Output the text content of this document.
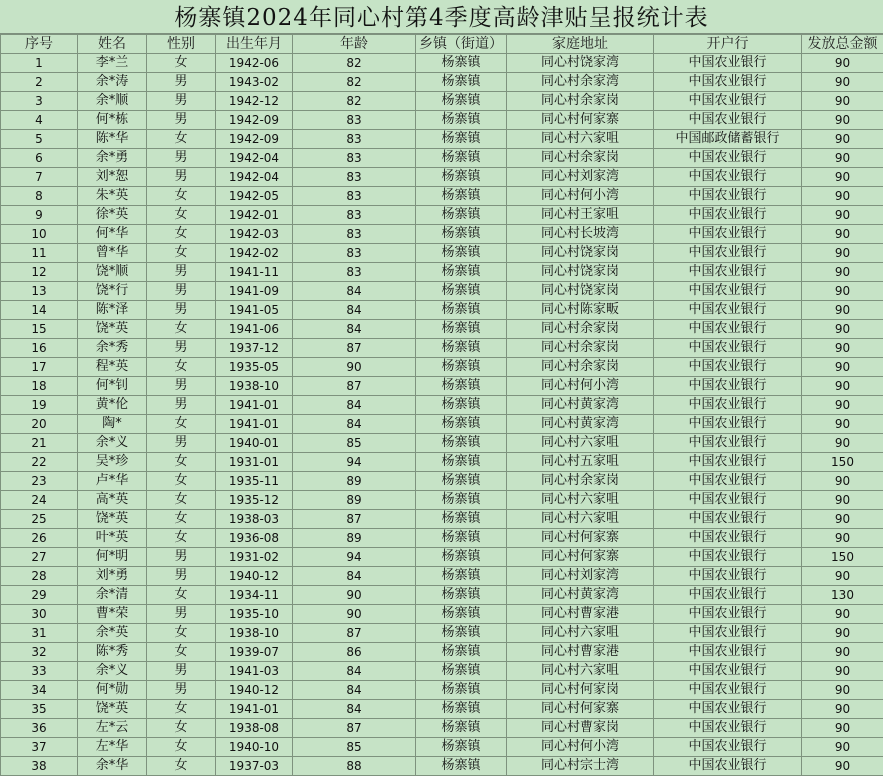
杨寨镇2024年同心村第4季度高龄津贴呈报统计表
序号	姓名	性别	出生年月	年龄	乡镇（街道）	家庭地址	开户行	发放总金额
1	李*兰	女	1942-06	82	杨寨镇	同心村饶家湾	中国农业银行	90
2	余*涛	男	1943-02	82	杨寨镇	同心村余家湾	中国农业银行	90
3	余*顺	男	1942-12	82	杨寨镇	同心村余家岗	中国农业银行	90
4	何*栋	男	1942-09	83	杨寨镇	同心村何家寨	中国农业银行	90
5	陈*华	女	1942-09	83	杨寨镇	同心村六家咀	中国邮政储蓄银行	90
6	余*勇	男	1942-04	83	杨寨镇	同心村余家岗	中国农业银行	90
7	刘*恕	男	1942-04	83	杨寨镇	同心村刘家湾	中国农业银行	90
8	朱*英	女	1942-05	83	杨寨镇	同心村何小湾	中国农业银行	90
9	徐*英	女	1942-01	83	杨寨镇	同心村王家咀	中国农业银行	90
10	何*华	女	1942-03	83	杨寨镇	同心村长坡湾	中国农业银行	90
11	曾*华	女	1942-02	83	杨寨镇	同心村饶家岗	中国农业银行	90
12	饶*顺	男	1941-11	83	杨寨镇	同心村饶家岗	中国农业银行	90
13	饶*行	男	1941-09	84	杨寨镇	同心村饶家岗	中国农业银行	90
14	陈*泽	男	1941-05	84	杨寨镇	同心村陈家畈	中国农业银行	90
15	饶*英	女	1941-06	84	杨寨镇	同心村余家岗	中国农业银行	90
16	余*秀	男	1937-12	87	杨寨镇	同心村余家岗	中国农业银行	90
17	程*英	女	1935-05	90	杨寨镇	同心村余家岗	中国农业银行	90
18	何*钊	男	1938-10	87	杨寨镇	同心村何小湾	中国农业银行	90
19	黄*伦	男	1941-01	84	杨寨镇	同心村黄家湾	中国农业银行	90
20	陶*	女	1941-01	84	杨寨镇	同心村黄家湾	中国农业银行	90
21	余*义	男	1940-01	85	杨寨镇	同心村六家咀	中国农业银行	90
22	吴*珍	女	1931-01	94	杨寨镇	同心村五家咀	中国农业银行	150
23	卢*华	女	1935-11	89	杨寨镇	同心村余家岗	中国农业银行	90
24	高*英	女	1935-12	89	杨寨镇	同心村六家咀	中国农业银行	90
25	饶*英	女	1938-03	87	杨寨镇	同心村六家咀	中国农业银行	90
26	叶*英	女	1936-08	89	杨寨镇	同心村何家寨	中国农业银行	90
27	何*明	男	1931-02	94	杨寨镇	同心村何家寨	中国农业银行	150
28	刘*勇	男	1940-12	84	杨寨镇	同心村刘家湾	中国农业银行	90
29	余*清	女	1934-11	90	杨寨镇	同心村黄家湾	中国农业银行	130
30	曹*荣	男	1935-10	90	杨寨镇	同心村曹家港	中国农业银行	90
31	余*英	女	1938-10	87	杨寨镇	同心村六家咀	中国农业银行	90
32	陈*秀	女	1939-07	86	杨寨镇	同心村曹家港	中国农业银行	90
33	余*义	男	1941-03	84	杨寨镇	同心村六家咀	中国农业银行	90
34	何*勋	男	1940-12	84	杨寨镇	同心村何家岗	中国农业银行	90
35	饶*英	女	1941-01	84	杨寨镇	同心村何家寨	中国农业银行	90
36	左*云	女	1938-08	87	杨寨镇	同心村曹家岗	中国农业银行	90
37	左*华	女	1940-10	85	杨寨镇	同心村何小湾	中国农业银行	90
38	余*华	女	1937-03	88	杨寨镇	同心村宗士湾	中国农业银行	90
